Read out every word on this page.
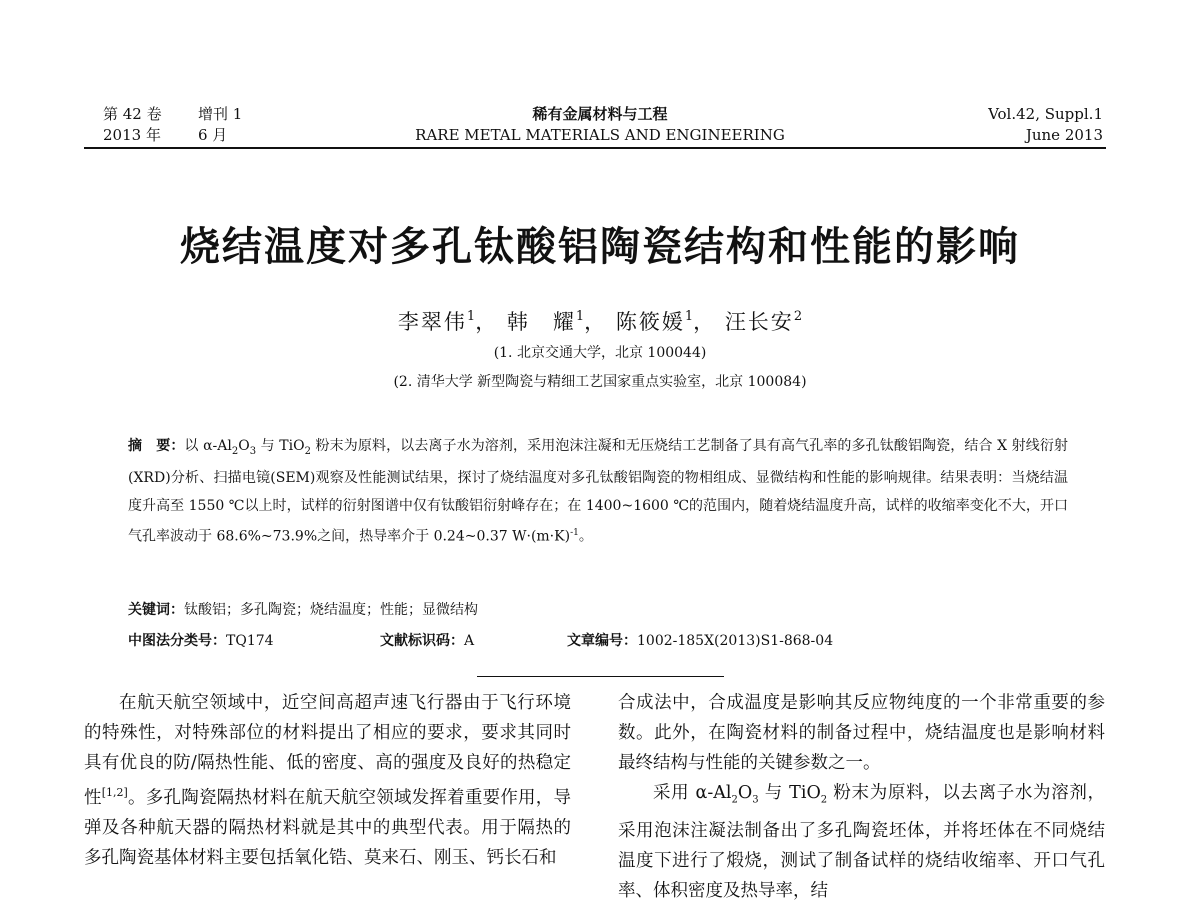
第 42 卷 增刊 1
2013 年 6 月
稀有金属材料与工程
RARE METAL MATERIALS AND ENGINEERING
Vol.42, Suppl.1
June 2013
烧结温度对多孔钛酸铝陶瓷结构和性能的影响
李翠伟$^1$， 韩　耀$^1$， 陈筱媛$^1$， 汪长安$^2$
(1. 北京交通大学，北京 100044)
(2. 清华大学 新型陶瓷与精细工艺国家重点实验室，北京 100084)
摘　要：以 $\alpha-Al_2O_3$ 与 TiO$_2$ 粉末为原料，以去离子水为溶剂，采用泡沫注凝和无压烧结工艺制备了具有高气孔率的多孔钛酸铝陶瓷，结合 X 射线衍射(XRD)分析、扫描电镜(SEM)观察及性能测试结果，探讨了烧结温度对多孔钛酸铝陶瓷的物相组成、显微结构和性能的影响规律。结果表明：当烧结温度升高至 1550 ℃以上时，试样的衍射图谱中仅有钛酸铝衍射峰存在；在 1400~1600 ℃的范围内，随着烧结温度升高，试样的收缩率变化不大，开口气孔率波动于 68.6%~73.9%之间，热导率介于 0.24~0.37 $W\cdot(m\cdot K)^{-1}$。
关键词：钛酸铝；多孔陶瓷；烧结温度；性能；显微结构
中图法分类号：TQ174	文献标识码：A	文章编号：1002-185X(2013)S1-868-04

在航天航空领域中，近空间高超声速飞行器由于飞行环境的特殊性，对特殊部位的材料提出了相应的要求，要求其同时具有优良的防/隔热性能、低的密度、高的强度及良好的热稳定性[1,2]。多孔陶瓷隔热材料在航天航空领域发挥着重要作用，导弹及各种航天器的隔热材料就是其中的典型代表。用于隔热的多孔陶瓷基体材料主要包括氧化锆、莫来石、刚玉、钙长石和

合成法中，合成温度是影响其反应物纯度的一个非常重要的参数。此外，在陶瓷材料的制备过程中，烧结温度也是影响材料最终结构与性能的关键参数之一。

采用 $\alpha-Al_2O_3$ 与 TiO$_2$ 粉末为原料，以去离子水为溶剂，采用泡沫注凝法制备出了多孔陶瓷坯体，并将坯体在不同烧结温度下进行了煅烧，测试了制备试样的烧结收缩率、开口气孔率、体积密度及热导率，结
